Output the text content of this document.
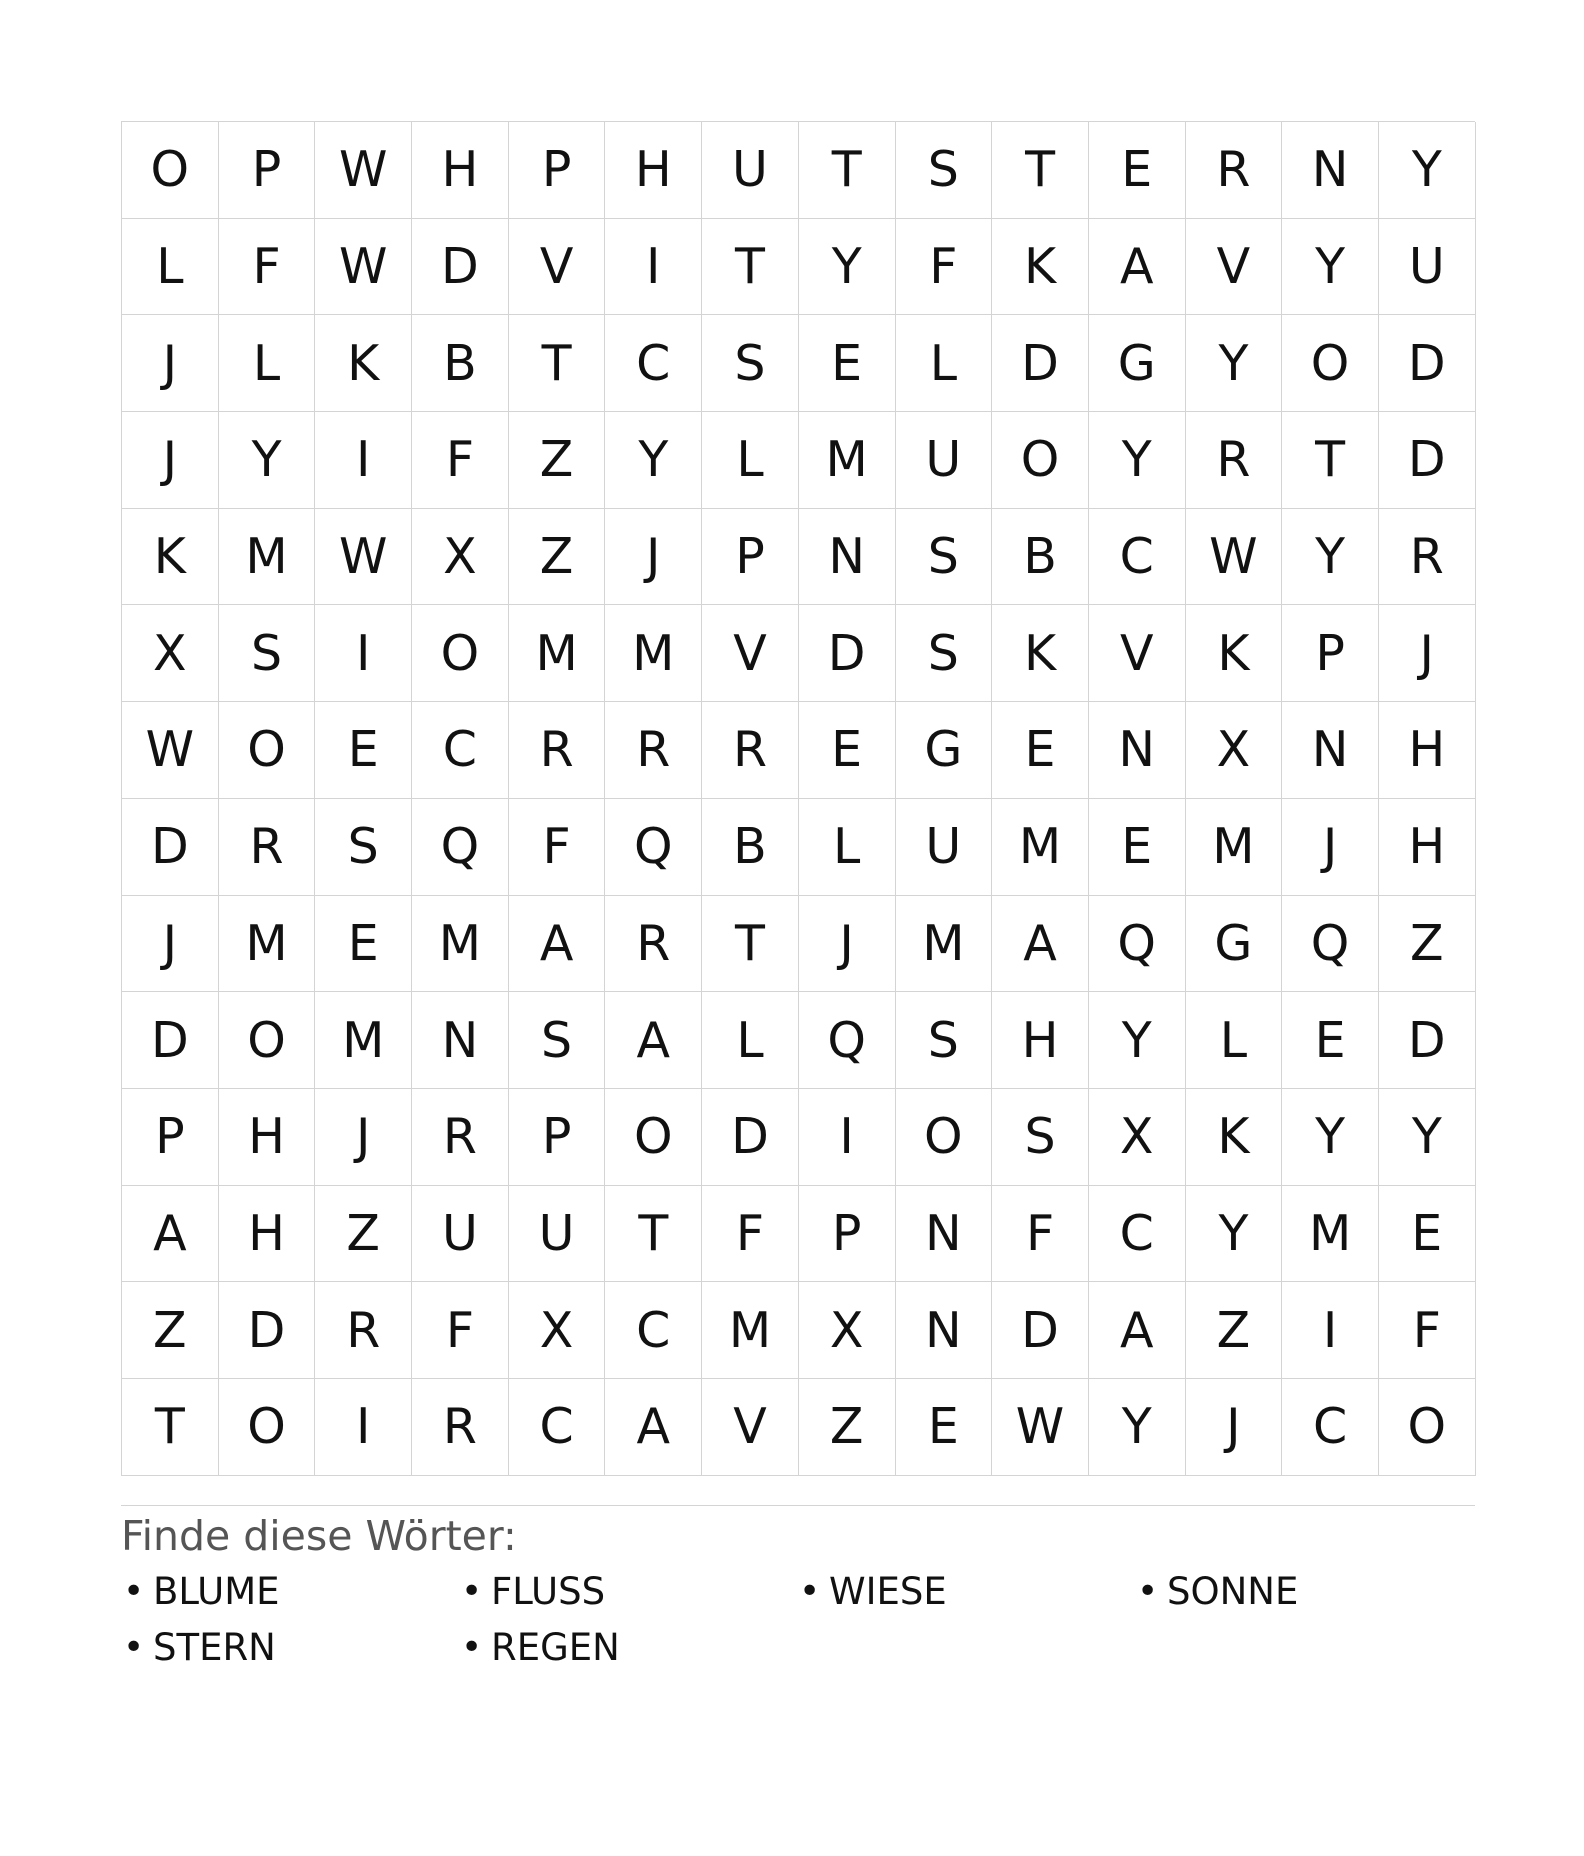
O	P	W	H	P	H	U	T	S	T	E	R	N	Y
L	F	W	D	V	I	T	Y	F	K	A	V	Y	U
J	L	K	B	T	C	S	E	L	D	G	Y	O	D
J	Y	I	F	Z	Y	L	M	U	O	Y	R	T	D
K	M	W	X	Z	J	P	N	S	B	C	W	Y	R
X	S	I	O	M	M	V	D	S	K	V	K	P	J
W	O	E	C	R	R	R	E	G	E	N	X	N	H
D	R	S	Q	F	Q	B	L	U	M	E	M	J	H
J	M	E	M	A	R	T	J	M	A	Q	G	Q	Z
D	O	M	N	S	A	L	Q	S	H	Y	L	E	D
P	H	J	R	P	O	D	I	O	S	X	K	Y	Y
A	H	Z	U	U	T	F	P	N	F	C	Y	M	E
Z	D	R	F	X	C	M	X	N	D	A	Z	I	F
T	O	I	R	C	A	V	Z	E	W	Y	J	C	O
Finde diese Wörter:
• BLUME	• FLUSS	• WIESE	• SONNE
• STERN	• REGEN
